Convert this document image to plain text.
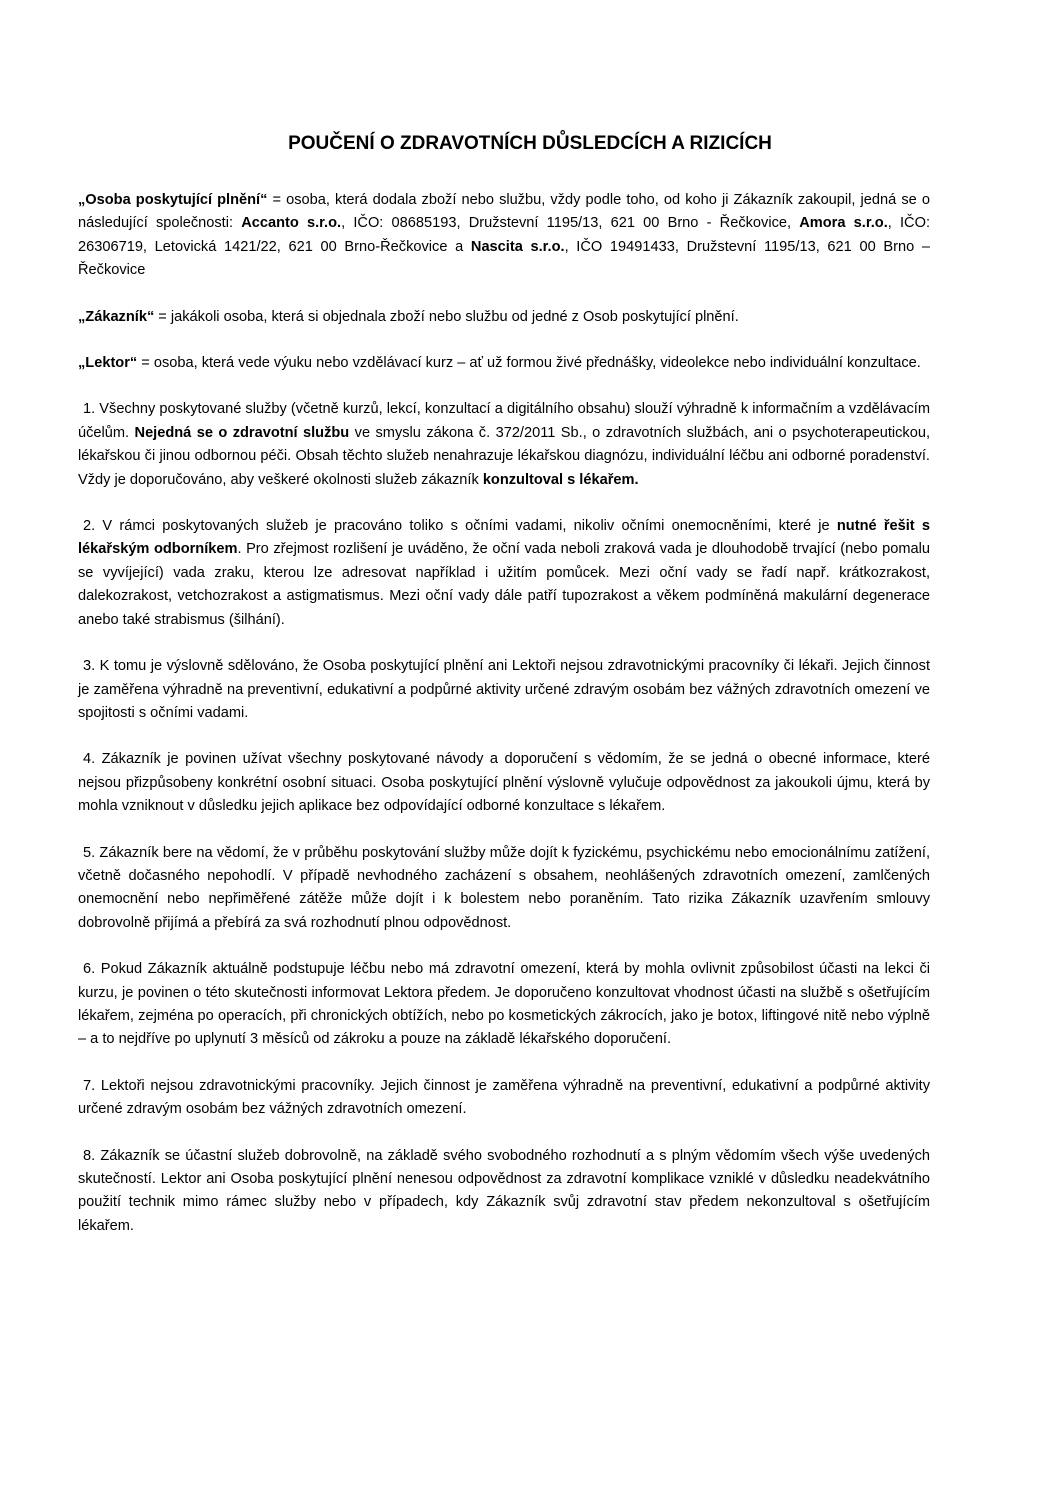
POUČENÍ O ZDRAVOTNÍCH DŮSLEDCÍCH A RIZICÍCH

„Osoba poskytující plnění“ = osoba, která dodala zboží nebo službu, vždy podle toho, od koho ji Zákazník zakoupil, jedná se o následující společnosti: Accanto s.r.o., IČO: 08685193, Družstevní 1195/13, 621 00 Brno - Řečkovice, Amora s.r.o., IČO: 26306719, Letovická 1421/22, 621 00 Brno-Řečkovice a Nascita s.r.o., IČO 19491433, Družstevní 1195/13, 621 00 Brno – Řečkovice

„Zákazník“ = jakákoli osoba, která si objednala zboží nebo službu od jedné z Osob poskytující plnění.

„Lektor“ = osoba, která vede výuku nebo vzdělávací kurz – ať už formou živé přednášky, videolekce nebo individuální konzultace.

1. Všechny poskytované služby (včetně kurzů, lekcí, konzultací a digitálního obsahu) slouží výhradně k informačním a vzdělávacím účelům. Nejedná se o zdravotní službu ve smyslu zákona č. 372/2011 Sb., o zdravotních službách, ani o psychoterapeutickou, lékařskou či jinou odbornou péči. Obsah těchto služeb nenahrazuje lékařskou diagnózu, individuální léčbu ani odborné poradenství. Vždy je doporučováno, aby veškeré okolnosti služeb zákazník konzultoval s lékařem.

2. V rámci poskytovaných služeb je pracováno toliko s očními vadami, nikoliv očními onemocněními, které je nutné řešit s lékařským odborníkem. Pro zřejmost rozlišení je uváděno, že oční vada neboli zraková vada je dlouhodobě trvající (nebo pomalu se vyvíjející) vada zraku, kterou lze adresovat například i užitím pomůcek. Mezi oční vady se řadí např. krátkozrakost, dalekozrakost, vetchozrakost a astigmatismus. Mezi oční vady dále patří tupozrakost a věkem podmíněná makulární degenerace anebo také strabismus (šilhání).

3. K tomu je výslovně sdělováno, že Osoba poskytující plnění ani Lektoři nejsou zdravotnickými pracovníky či lékaři. Jejich činnost je zaměřena výhradně na preventivní, edukativní a podpůrné aktivity určené zdravým osobám bez vážných zdravotních omezení ve spojitosti s očními vadami.

4. Zákazník je povinen užívat všechny poskytované návody a doporučení s vědomím, že se jedná o obecné informace, které nejsou přizpůsobeny konkrétní osobní situaci. Osoba poskytující plnění výslovně vylučuje odpovědnost za jakoukoli újmu, která by mohla vzniknout v důsledku jejich aplikace bez odpovídající odborné konzultace s lékařem.

5. Zákazník bere na vědomí, že v průběhu poskytování služby může dojít k fyzickému, psychickému nebo emocionálnímu zatížení, včetně dočasného nepohodlí. V případě nevhodného zacházení s obsahem, neohlášených zdravotních omezení, zamlčených onemocnění nebo nepřiměřené zátěže může dojít i k bolestem nebo poraněním. Tato rizika Zákazník uzavřením smlouvy dobrovolně přijímá a přebírá za svá rozhodnutí plnou odpovědnost.

6. Pokud Zákazník aktuálně podstupuje léčbu nebo má zdravotní omezení, která by mohla ovlivnit způsobilost účasti na lekci či kurzu, je povinen o této skutečnosti informovat Lektora předem. Je doporučeno konzultovat vhodnost účasti na službě s ošetřujícím lékařem, zejména po operacích, při chronických obtížích, nebo po kosmetických zákrocích, jako je botox, liftingové nitě nebo výplně – a to nejdříve po uplynutí 3 měsíců od zákroku a pouze na základě lékařského doporučení.

7. Lektoři nejsou zdravotnickými pracovníky. Jejich činnost je zaměřena výhradně na preventivní, edukativní a podpůrné aktivity určené zdravým osobám bez vážných zdravotních omezení.

8. Zákazník se účastní služeb dobrovolně, na základě svého svobodného rozhodnutí a s plným vědomím všech výše uvedených skutečností. Lektor ani Osoba poskytující plnění nenesou odpovědnost za zdravotní komplikace vzniklé v důsledku neadekvátního použití technik mimo rámec služby nebo v případech, kdy Zákazník svůj zdravotní stav předem nekonzultoval s ošetřujícím lékařem.
